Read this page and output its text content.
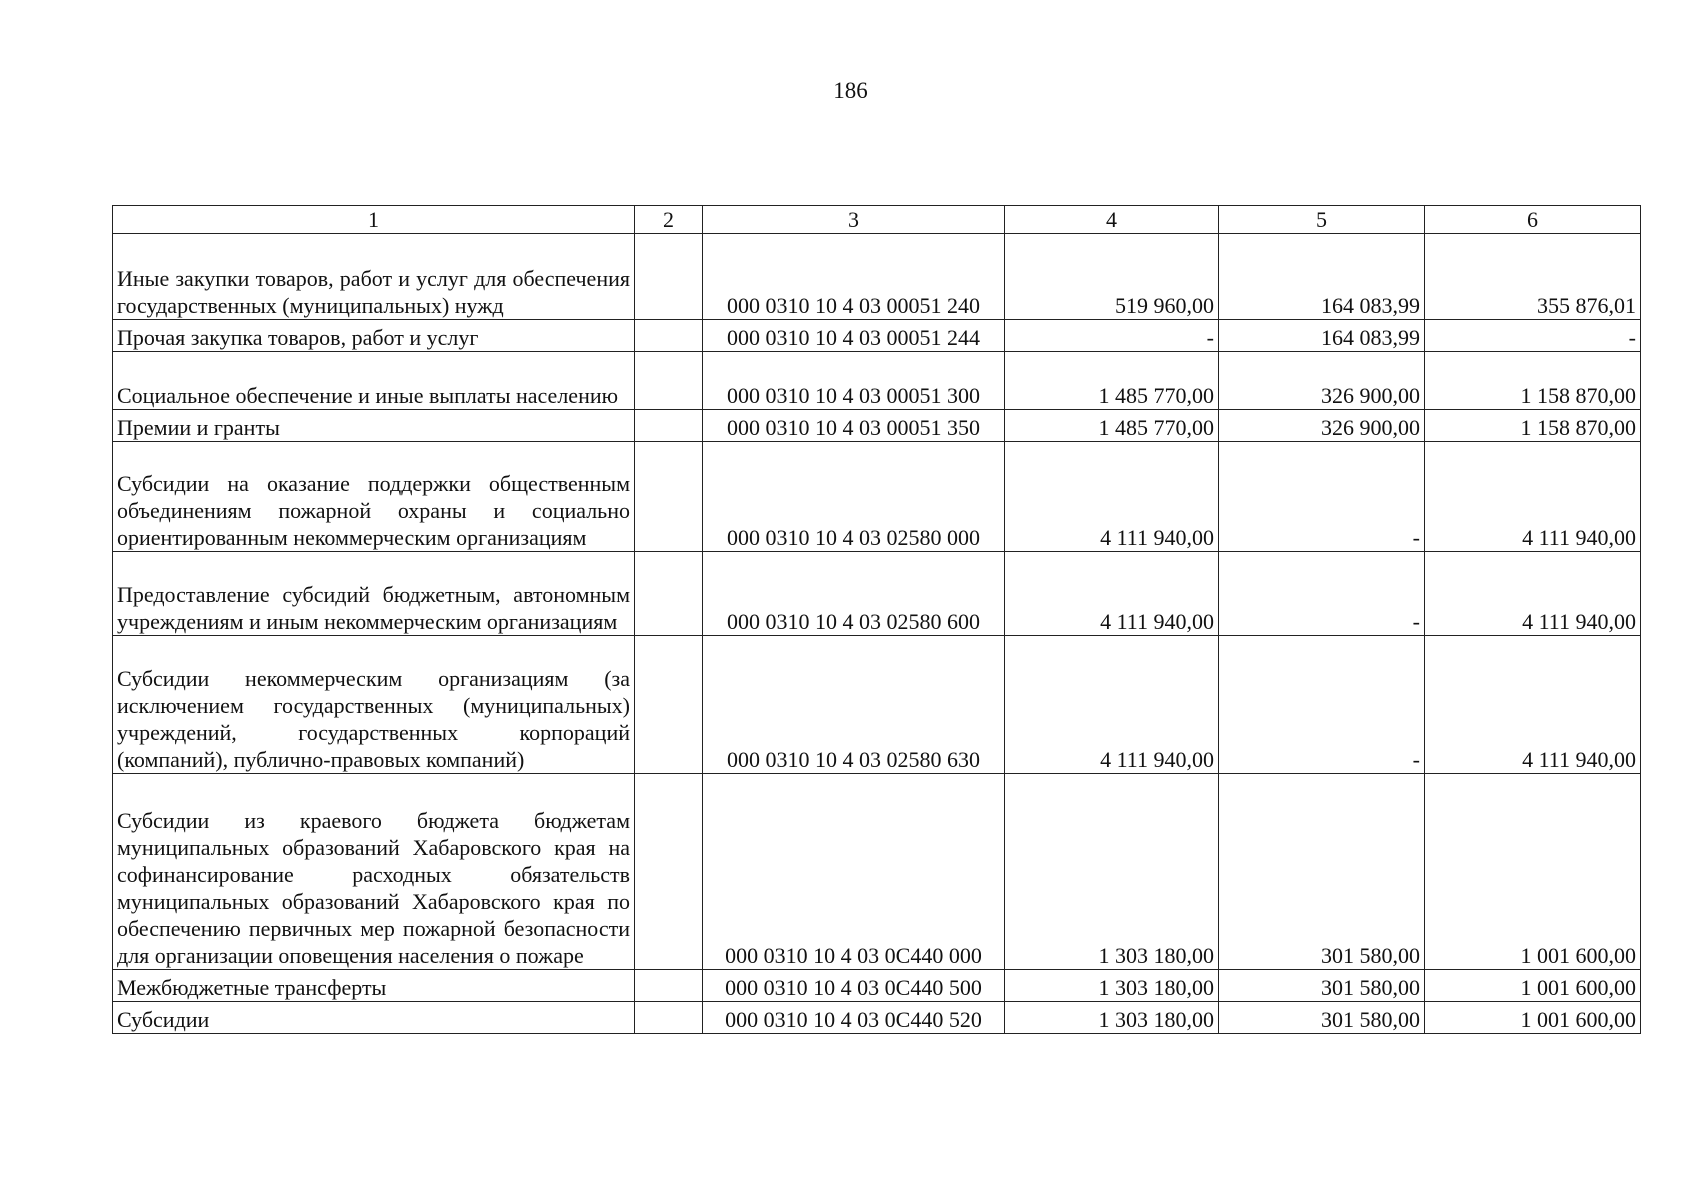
186
1	2	3	4	5	6
Иные закупки товаров, работ и услуг для обеспечения государственных (муниципальных) нужд		000 0310 10 4 03 00051 240	519 960,00	164 083,99	355 876,01
Прочая закупка товаров, работ и услуг		000 0310 10 4 03 00051 244	-	164 083,99	-
Социальное обеспечение и иные выплаты населению		000 0310 10 4 03 00051 300	1 485 770,00	326 900,00	1 158 870,00
Премии и гранты		000 0310 10 4 03 00051 350	1 485 770,00	326 900,00	1 158 870,00
Субсидии на оказание поддержки общественным объединениям пожарной охраны и социально ориентированным некоммерческим организациям		000 0310 10 4 03 02580 000	4 111 940,00	-	4 111 940,00
Предоставление субсидий бюджетным, автономным учреждениям и иным некоммерческим организациям		000 0310 10 4 03 02580 600	4 111 940,00	-	4 111 940,00
Субсидии некоммерческим организациям (за исключением государственных (муниципальных) учреждений, государственных корпораций (компаний), публично-правовых компаний)		000 0310 10 4 03 02580 630	4 111 940,00	-	4 111 940,00
Субсидии из краевого бюджета бюджетам муниципальных образований Хабаровского края на софинансирование расходных обязательств муниципальных образований Хабаровского края по обеспечению первичных мер пожарной безопасности для организации оповещения населения о пожаре		000 0310 10 4 03 0С440 000	1 303 180,00	301 580,00	1 001 600,00
Межбюджетные трансферты		000 0310 10 4 03 0С440 500	1 303 180,00	301 580,00	1 001 600,00
Субсидии		000 0310 10 4 03 0С440 520	1 303 180,00	301 580,00	1 001 600,00
